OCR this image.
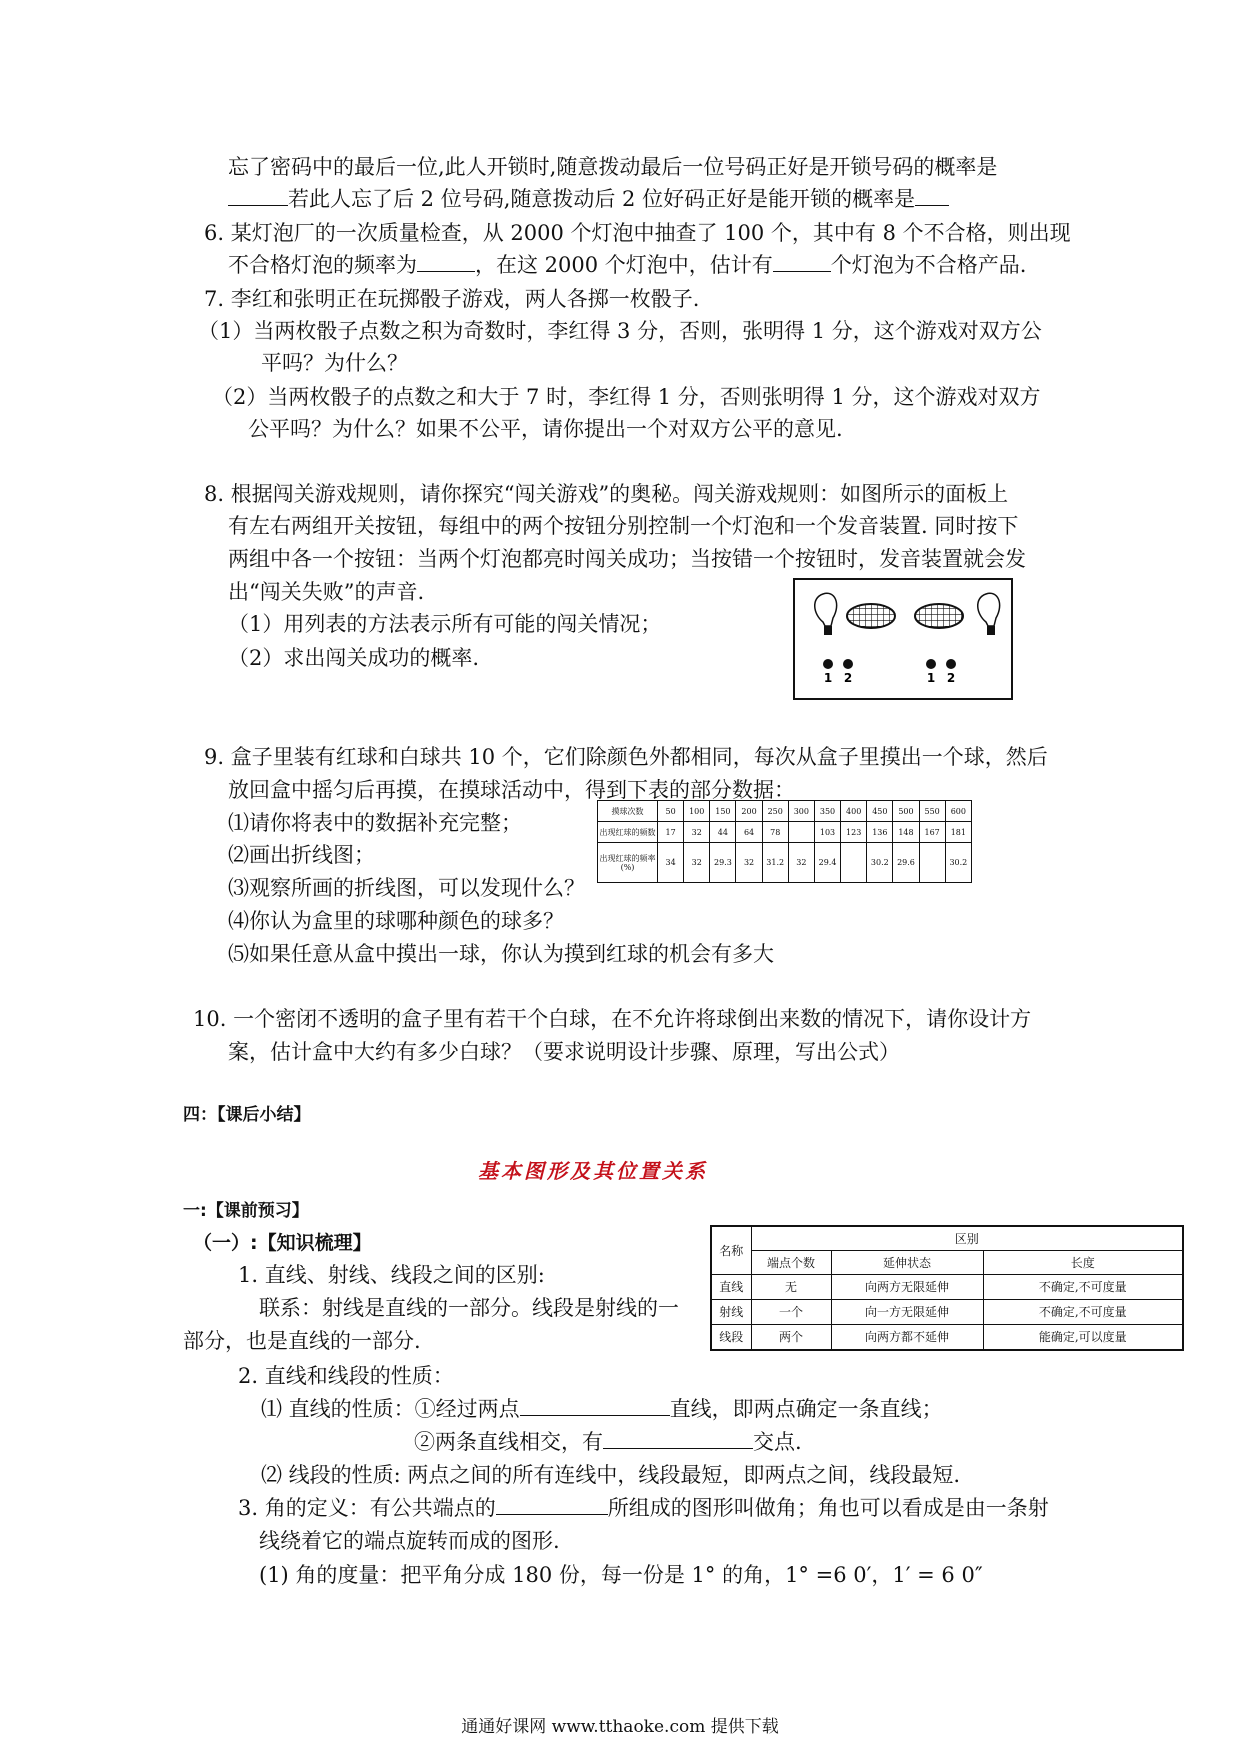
忘了密码中的最后一位,此人开锁时,随意拨动最后一位号码正好是开锁号码的概率是
若此人忘了后 2 位号码,随意拨动后 2 位好码正好是能开锁的概率是
6. 某灯泡厂的一次质量检查，从 2000 个灯泡中抽查了 100 个，其中有 8 个不合格，则出现
不合格灯泡的频率为	，在这 2000 个灯泡中，估计有	个灯泡为不合格产品.
7. 李红和张明正在玩掷骰子游戏，两人各掷一枚骰子.
（1）当两枚骰子点数之积为奇数时，李红得 3 分，否则，张明得 1 分，这个游戏对双方公
平吗？为什么？
（2）当两枚骰子的点数之和大于 7 时，李红得 1 分，否则张明得 1 分，这个游戏对双方
公平吗？为什么？如果不公平，请你提出一个对双方公平的意见.
8. 根据闯关游戏规则，请你探究“闯关游戏”的奥秘。闯关游戏规则：如图所示的面板上
有左右两组开关按钮，每组中的两个按钮分别控制一个灯泡和一个发音装置. 同时按下
两组中各一个按钮：当两个灯泡都亮时闯关成功；当按错一个按钮时，发音装置就会发
出“闯关失败”的声音.
（1）用列表的方法表示所有可能的闯关情况；
（2）求出闯关成功的概率.
1 2	1 2
9. 盒子里装有红球和白球共 10 个，它们除颜色外都相同，每次从盒子里摸出一个球，然后
放回盒中摇匀后再摸，在摸球活动中，得到下表的部分数据：
⑴请你将表中的数据补充完整；
⑵画出折线图；
⑶观察所画的折线图，可以发现什么？
⑷你认为盒里的球哪种颜色的球多？
⑸如果任意从盒中摸出一球，你认为摸到红球的机会有多大
摸球次数	50	100	150	200	250	300	350	400	450	500	550	600
出现红球的频数	17	32	44	64	78		103	123	136	148	167	181
出现红球的频率(%)	34	32	29.3	32	31.2	32	29.4		30.2	29.6		30.2
10. 一个密闭不透明的盒子里有若干个白球，在不允许将球倒出来数的情况下，请你设计方
案，估计盒中大约有多少白球？（要求说明设计步骤、原理，写出公式）
四：【课后小结】
基本图形及其位置关系
一:【课前预习】
（一）:【知识梳理】
1. 直线、射线、线段之间的区别:
联系：射线是直线的一部分。线段是射线的一
部分，也是直线的一部分.
名称	区别		
	端点个数	延伸状态	长度
直线	无	向两方无限延伸	不确定,不可度量
射线	一个	向一方无限延伸	不确定,不可度量
线段	两个	向两方都不延伸	能确定,可以度量
2. 直线和线段的性质：
⑴ 直线的性质：①经过两点	直线，即两点确定一条直线；
②两条直线相交，有	交点.
⑵ 线段的性质: 两点之间的所有连线中，线段最短，即两点之间，线段最短.
3. 角的定义：有公共端点的	所组成的图形叫做角；角也可以看成是由一条射
线绕着它的端点旋转而成的图形.
(1) 角的度量：把平角分成 180 份，每一份是 1° 的角，1° =6 0′，1′ = 6 0″
通通好课网 www.tthaoke.com 提供下载
